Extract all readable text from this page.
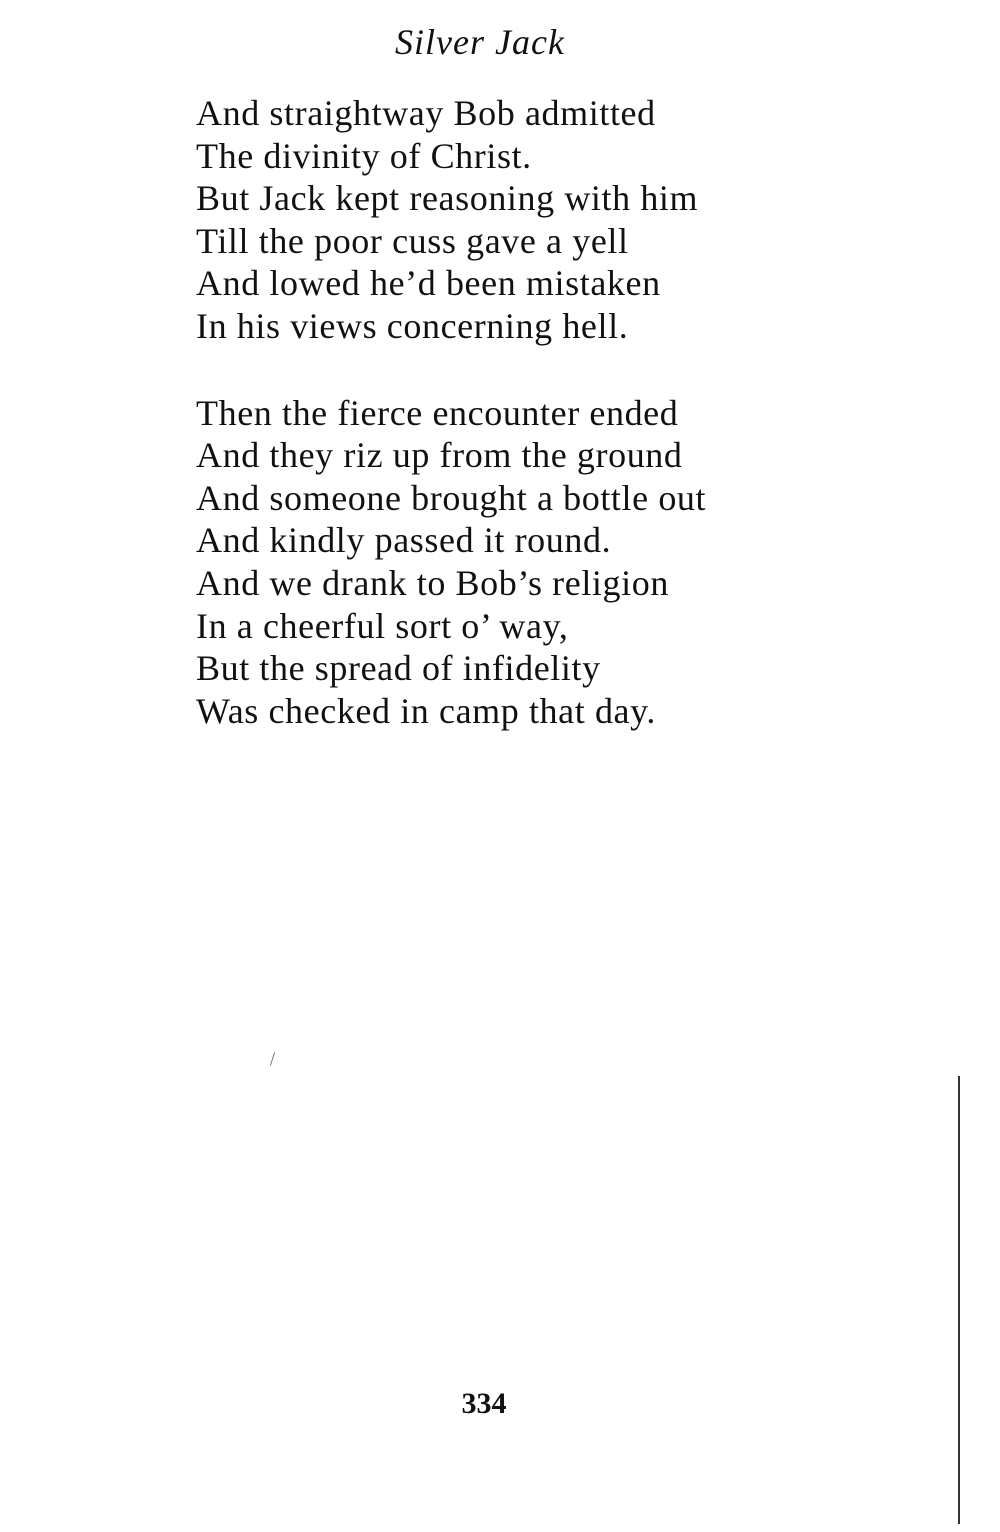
Silver Jack
And straightway Bob admitted
The divinity of Christ.
But Jack kept reasoning with him
Till the poor cuss gave a yell
And lowed he’d been mistaken
In his views concerning hell.
Then the fierce encounter ended
And they riz up from the ground
And someone brought a bottle out
And kindly passed it round.
And we drank to Bob’s religion
In a cheerful sort o’ way,
But the spread of infidelity
Was checked in camp that day.
334
